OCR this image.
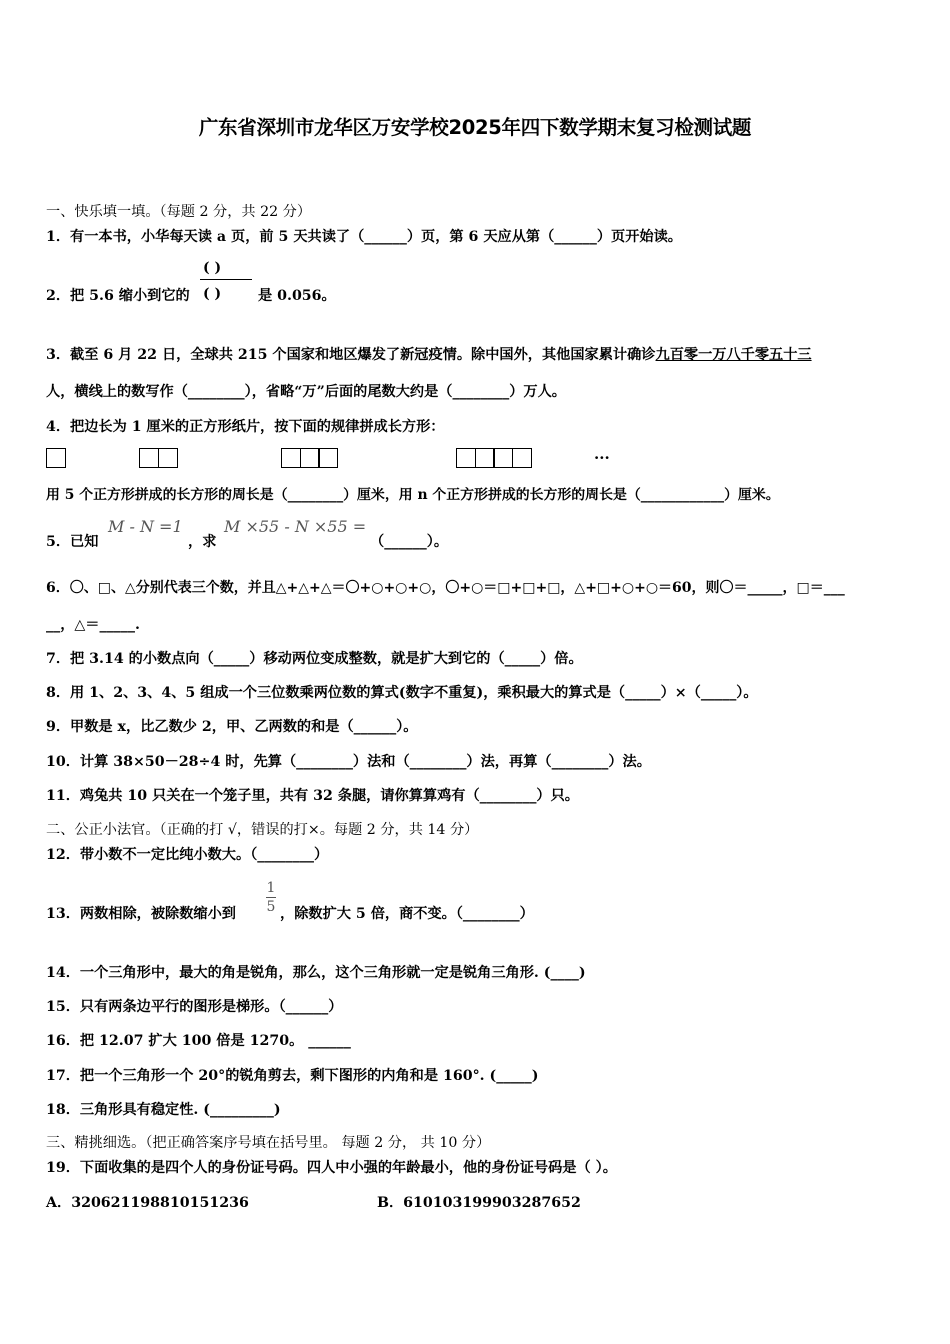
广东省深圳市龙华区万安学校2025年四下数学期末复习检测试题
一、快乐填一填。（每题 2 分，共 22 分）
1．有一本书，小华每天读 a 页，前 5 天共读了（______）页，第 6 天应从第（______）页开始读。
2．把 5.6 缩小到它的
( )
( )	是 0.056。
3．截至 6 月 22 日，全球共 215 个国家和地区爆发了新冠疫情。除中国外，其他国家累计确诊九百零一万八千零五十三
人，横线上的数写作（________），省略“万”后面的尾数大约是（________）万人。
4．把边长为 1 厘米的正方形纸片，按下面的规律拼成长方形：
···
用 5 个正方形拼成的长方形的周长是（________）厘米，用 n 个正方形拼成的长方形的周长是（____________）厘米。
5．已知
M - N =1
，求
M ×55 - N ×55 =
（______）。
6．〇、□、△分别代表三个数，并且△+△+△＝〇+○+○+○，〇+○＝□+□+□，△+□+○+○＝60，则〇＝_____，□＝___
__，△＝_____.
7．把 3.14 的小数点向（_____）移动两位变成整数，就是扩大到它的（_____）倍。
8．用 1、2、3、4、5 组成一个三位数乘两位数的算式(数字不重复)，乘积最大的算式是（_____）×（_____）。
9．甲数是 x，比乙数少 2，甲、乙两数的和是（______）。
10．计算 38×50－28÷4 时，先算（________）法和（________）法，再算（________）法。
11．鸡兔共 10 只关在一个笼子里，共有 32 条腿，请你算算鸡有（________）只。
二、公正小法官。（正确的打 √，错误的打×。每题 2 分，共 14 分）
12．带小数不一定比纯小数大。（________）
13．两数相除，被除数缩小到
1
5 ，除数扩大 5 倍，商不变。（________）
14．一个三角形中，最大的角是锐角，那么，这个三角形就一定是锐角三角形. (____)
15．只有两条边平行的图形是梯形。（______）
16．把 12.07 扩大 100 倍是 1270。 ______
17．把一个三角形一个 20°的锐角剪去，剩下图形的内角和是 160°. (_____)
18．三角形具有稳定性. (_________)
三、精挑细选。（把正确答案序号填在括号里。 每题 2 分， 共 10 分）
19．下面收集的是四个人的身份证号码。四人中小强的年龄最小，他的身份证号码是（ ）。
A．320621198810151236	B．610103199903287652
